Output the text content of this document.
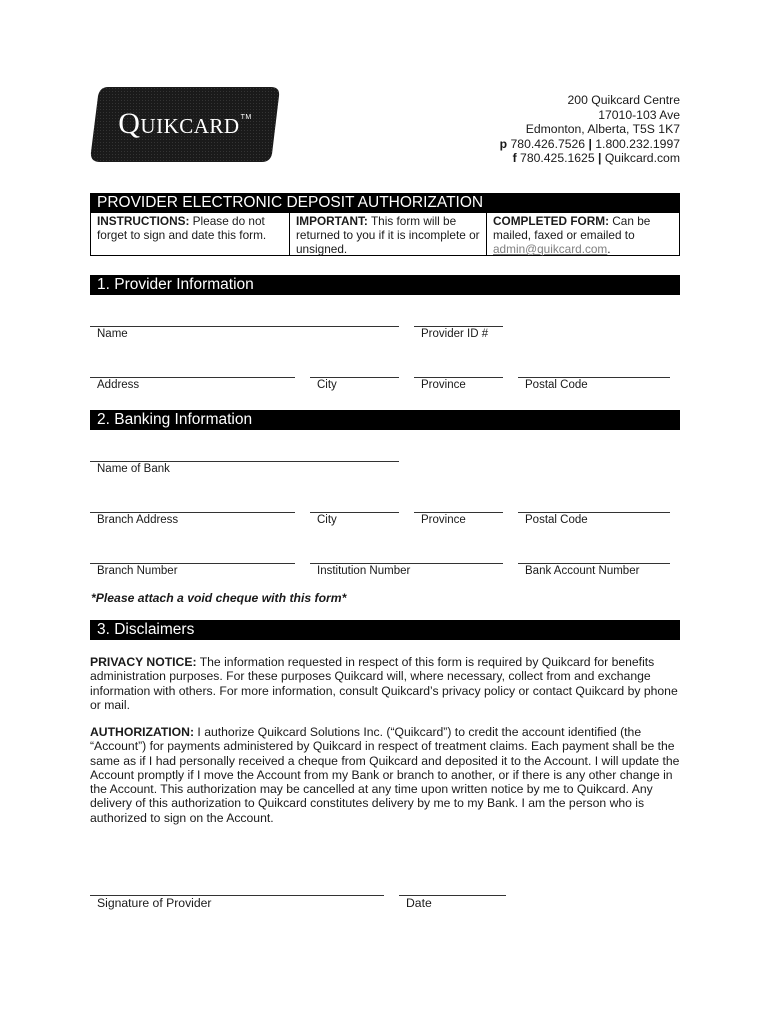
Quikcard™
200 Quikcard Centre
17010-103 Ave
Edmonton, Alberta, T5S 1K7
p 780.426.7526 | 1.800.232.1997
f 780.425.1625 | Quikcard.com
PROVIDER ELECTRONIC DEPOSIT AUTHORIZATION
INSTRUCTIONS: Please do not forget to sign and date this form.
IMPORTANT: This form will be returned to you if it is incomplete or unsigned.
COMPLETED FORM: Can be mailed, faxed or emailed to admin@quikcard.com.
1. Provider Information
Name	Provider ID #
Address	City	Province	Postal Code
2. Banking Information
Name of Bank
Branch Address	City	Province	Postal Code
Branch Number	Institution Number	Bank Account Number
*Please attach a void cheque with this form*
3. Disclaimers
PRIVACY NOTICE: The information requested in respect of this form is required by Quikcard for benefits administration purposes. For these purposes Quikcard will, where necessary, collect from and exchange information with others. For more information, consult Quikcard’s privacy policy or contact Quikcard by phone or mail.
AUTHORIZATION: I authorize Quikcard Solutions Inc. (“Quikcard”) to credit the account identified (the “Account”) for payments administered by Quikcard in respect of treatment claims. Each payment shall be the same as if I had personally received a cheque from Quikcard and deposited it to the Account. I will update the Account promptly if I move the Account from my Bank or branch to another, or if there is any other change in the Account. This authorization may be cancelled at any time upon written notice by me to Quikcard. Any delivery of this authorization to Quikcard constitutes delivery by me to my Bank. I am the person who is authorized to sign on the Account.
Signature of Provider	Date
